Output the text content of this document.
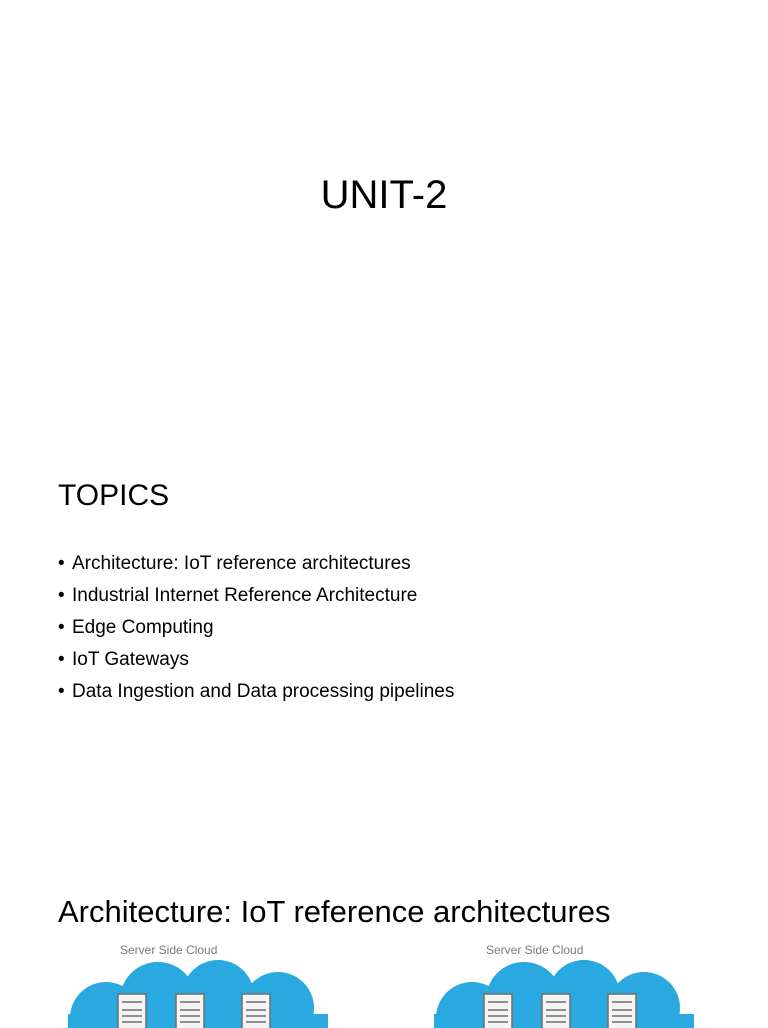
UNIT-2
TOPICS
• Architecture: IoT reference architectures
• Industrial Internet Reference Architecture
• Edge Computing
• IoT Gateways
• Data Ingestion and Data processing pipelines
Architecture: IoT reference architectures
Server Side Cloud	Server Side Cloud
